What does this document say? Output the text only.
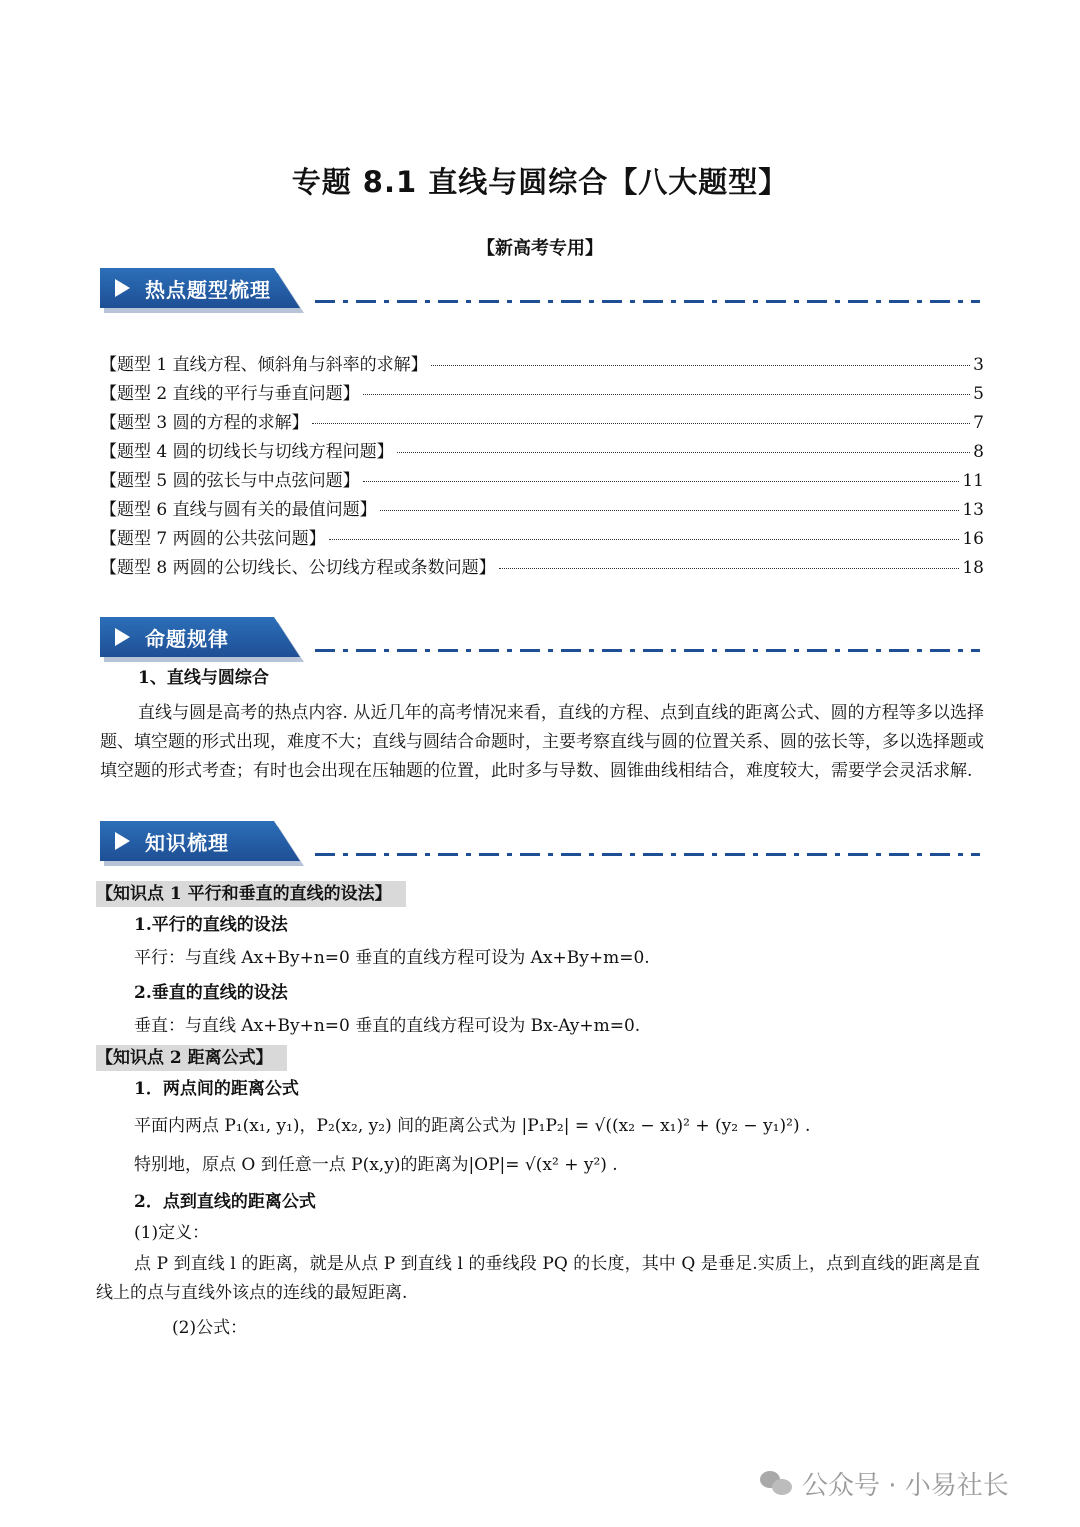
专题 8.1 直线与圆综合【八大题型】
【新高考专用】
热点题型梳理
【题型 1 直线方程、倾斜角与斜率的求解】	3
【题型 2 直线的平行与垂直问题】	5
【题型 3 圆的方程的求解】	7
【题型 4 圆的切线长与切线方程问题】	8
【题型 5 圆的弦长与中点弦问题】	11
【题型 6 直线与圆有关的最值问题】	13
【题型 7 两圆的公共弦问题】	16
【题型 8 两圆的公切线长、公切线方程或条数问题】	18
命题规律
1、直线与圆综合
直线与圆是高考的热点内容. 从近几年的高考情况来看，直线的方程、点到直线的距离公式、圆的方程等多以选择题、填空题的形式出现，难度不大；直线与圆结合命题时，主要考察直线与圆的位置关系、圆的弦长等，多以选择题或填空题的形式考查；有时也会出现在压轴题的位置，此时多与导数、圆锥曲线相结合，难度较大，需要学会灵活求解.
知识梳理
【知识点 1 平行和垂直的直线的设法】
1.平行的直线的设法
平行：与直线 Ax+By+n=0 垂直的直线方程可设为 Ax+By+m=0.
2.垂直的直线的设法
垂直：与直线 Ax+By+n=0 垂直的直线方程可设为 Bx-Ay+m=0.
【知识点 2 距离公式】
1．两点间的距离公式
平面内两点 P₁(x₁, y₁)，P₂(x₂, y₂) 间的距离公式为 |P₁P₂| = √((x₂ − x₁)² + (y₂ − y₁)²) .
特别地，原点 O 到任意一点 P(x,y)的距离为|OP|= √(x² + y²) .
2．点到直线的距离公式
(1)定义：
点 P 到直线 l 的距离，就是从点 P 到直线 l 的垂线段 PQ 的长度，其中 Q 是垂足.实质上，点到直线的距离是直线上的点与直线外该点的连线的最短距离.
(2)公式：
公众号 · 小易社长
